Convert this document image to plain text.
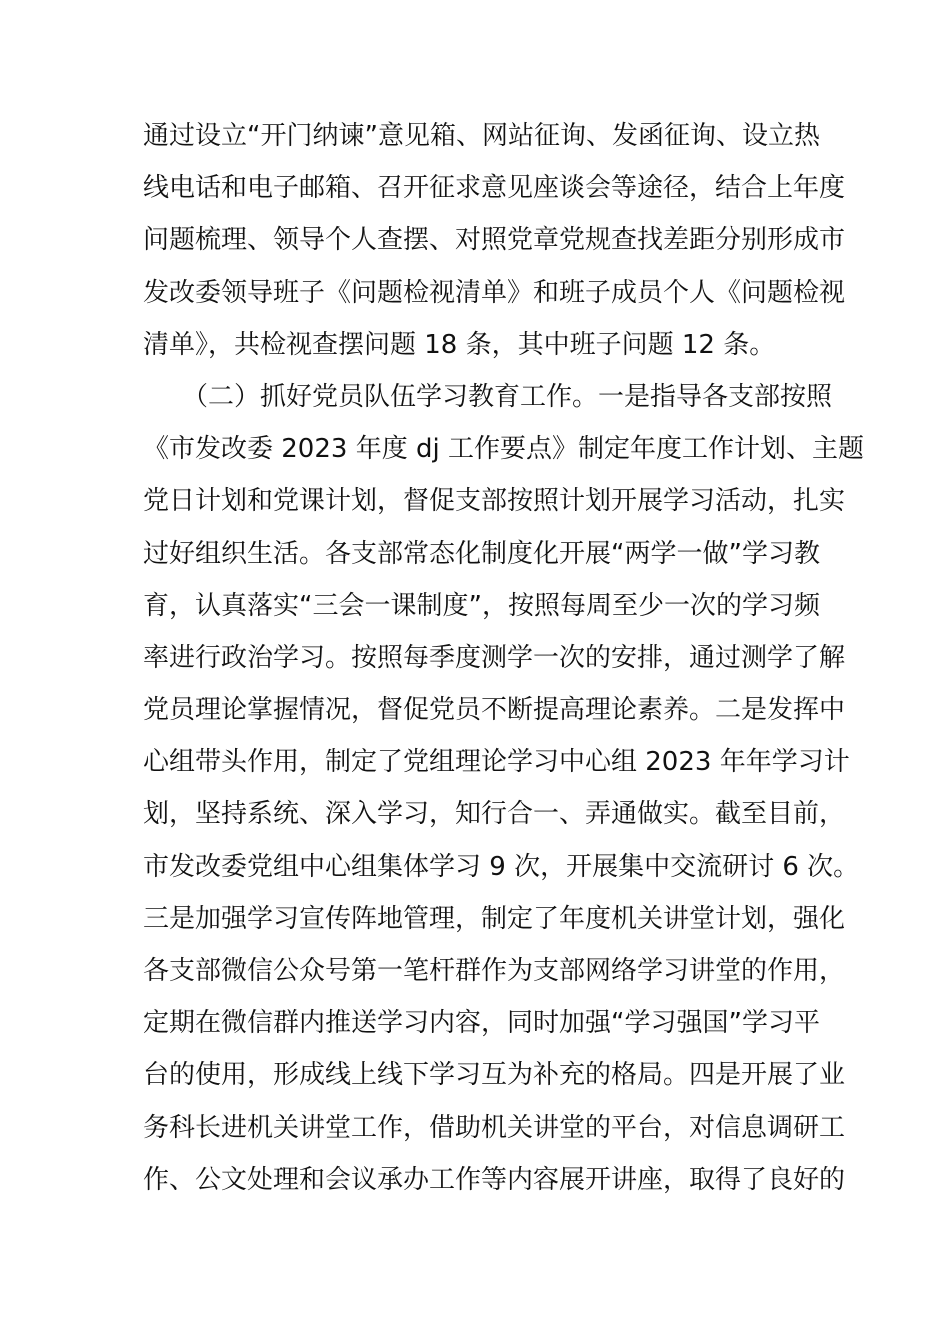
通过设立“开门纳谏”意见箱、网站征询、发函征询、设立热
线电话和电子邮箱、召开征求意见座谈会等途径，结合上年度
问题梳理、领导个人查摆、对照党章党规查找差距分别形成市
发改委领导班子《问题检视清单》和班子成员个人《问题检视
清单》，共检视查摆问题 18 条，其中班子问题 12 条。
　　（二）抓好党员队伍学习教育工作。一是指导各支部按照
《市发改委 2023 年度 dj 工作要点》制定年度工作计划、主题
党日计划和党课计划，督促支部按照计划开展学习活动，扎实
过好组织生活。各支部常态化制度化开展“两学一做”学习教
育，认真落实“三会一课制度”，按照每周至少一次的学习频
率进行政治学习。按照每季度测学一次的安排，通过测学了解
党员理论掌握情况，督促党员不断提高理论素养。二是发挥中
心组带头作用，制定了党组理论学习中心组 2023 年年学习计
划，坚持系统、深入学习，知行合一、弄通做实。截至目前，
市发改委党组中心组集体学习 9 次，开展集中交流研讨 6 次。
三是加强学习宣传阵地管理，制定了年度机关讲堂计划，强化
各支部微信公众号第一笔杆群作为支部网络学习讲堂的作用，
定期在微信群内推送学习内容，同时加强“学习强国”学习平
台的使用，形成线上线下学习互为补充的格局。四是开展了业
务科长进机关讲堂工作，借助机关讲堂的平台，对信息调研工
作、公文处理和会议承办工作等内容展开讲座，取得了良好的
